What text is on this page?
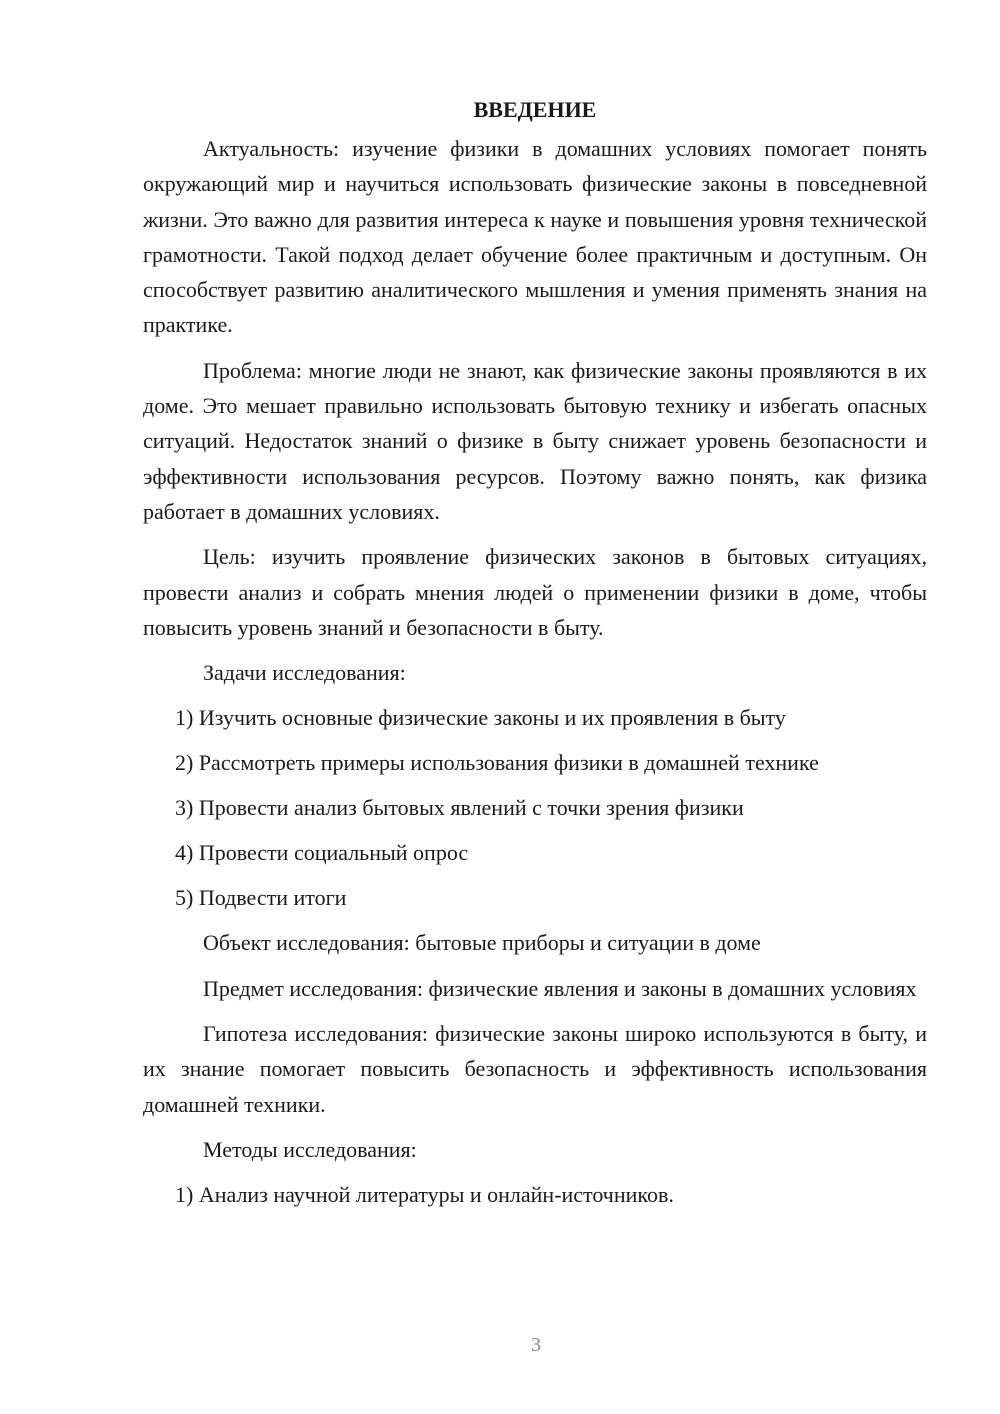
ВВЕДЕНИЕ

Актуальность: изучение физики в домашних условиях помогает понять окружающий мир и научиться использовать физические законы в повседневной жизни. Это важно для развития интереса к науке и повышения уровня технической грамотности. Такой подход делает обучение более практичным и доступным. Он способствует развитию аналитического мышления и умения применять знания на практике.

Проблема: многие люди не знают, как физические законы проявляются в их доме. Это мешает правильно использовать бытовую технику и избегать опасных ситуаций. Недостаток знаний о физике в быту снижает уровень безопасности и эффективности использования ресурсов. Поэтому важно понять, как физика работает в домашних условиях.

Цель: изучить проявление физических законов в бытовых ситуациях, провести анализ и собрать мнения людей о применении физики в доме, чтобы повысить уровень знаний и безопасности в быту.

Задачи исследования:

1) Изучить основные физические законы и их проявления в быту
2) Рассмотреть примеры использования физики в домашней технике
3) Провести анализ бытовых явлений с точки зрения физики
4) Провести социальный опрос
5) Подвести итоги

Объект исследования: бытовые приборы и ситуации в доме

Предмет исследования: физические явления и законы в домашних условиях

Гипотеза исследования: физические законы широко используются в быту, и их знание помогает повысить безопасность и эффективность использования домашней техники.

Методы исследования:

1) Анализ научной литературы и онлайн-источников.
3
